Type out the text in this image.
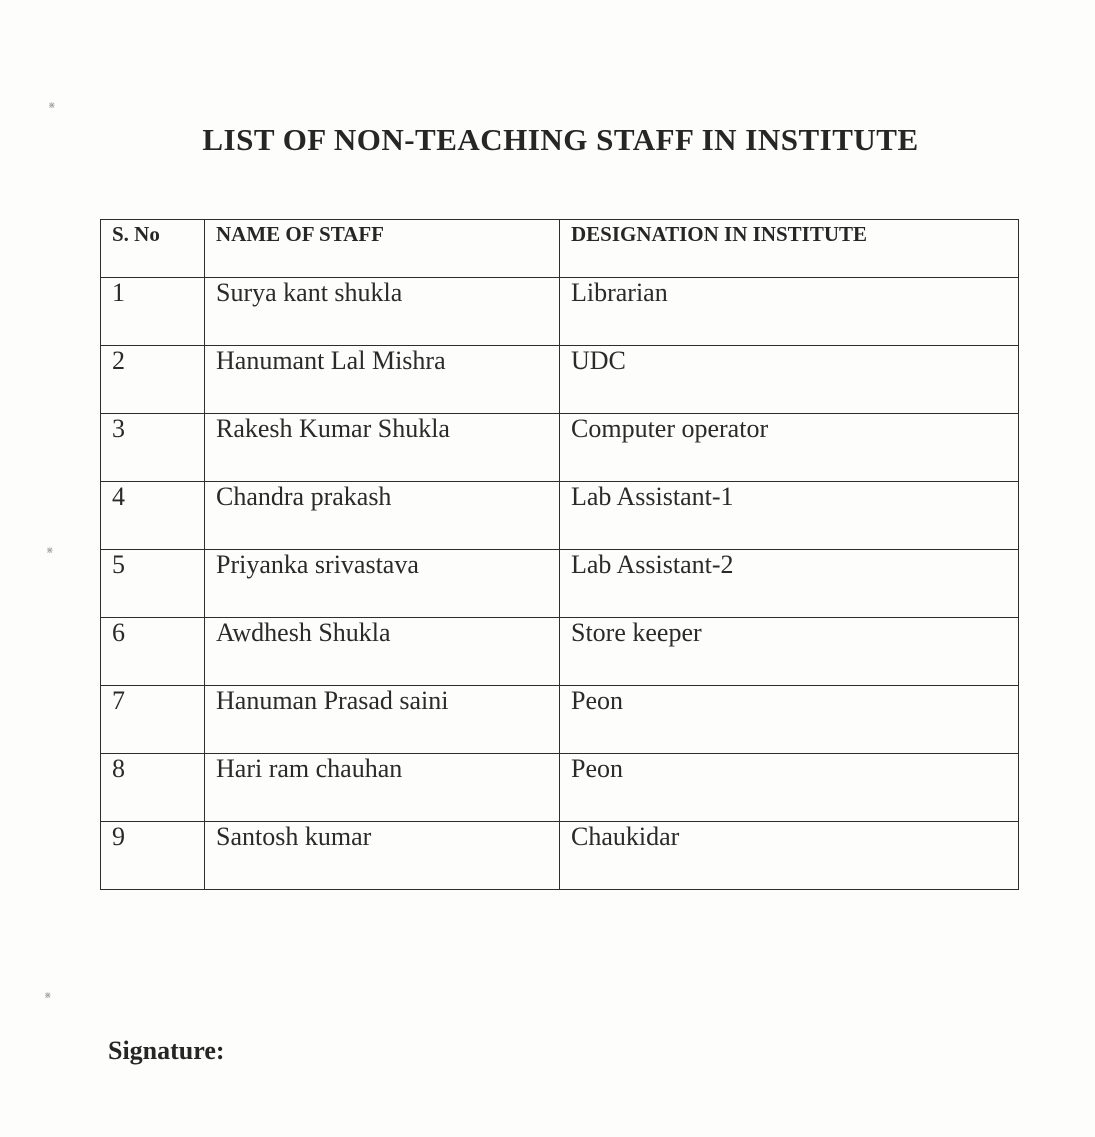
LIST OF NON-TEACHING STAFF IN INSTITUTE
S. No	NAME OF STAFF	DESIGNATION IN INSTITUTE
1	Surya kant shukla	Librarian
2	Hanumant Lal Mishra	UDC
3	Rakesh Kumar Shukla	Computer operator
4	Chandra prakash	Lab Assistant-1
5	Priyanka srivastava	Lab Assistant-2
6	Awdhesh Shukla	Store keeper
7	Hanuman Prasad saini	Peon
8	Hari ram chauhan	Peon
9	Santosh kumar	Chaukidar
Signature:
⋇
⋇
⋇
